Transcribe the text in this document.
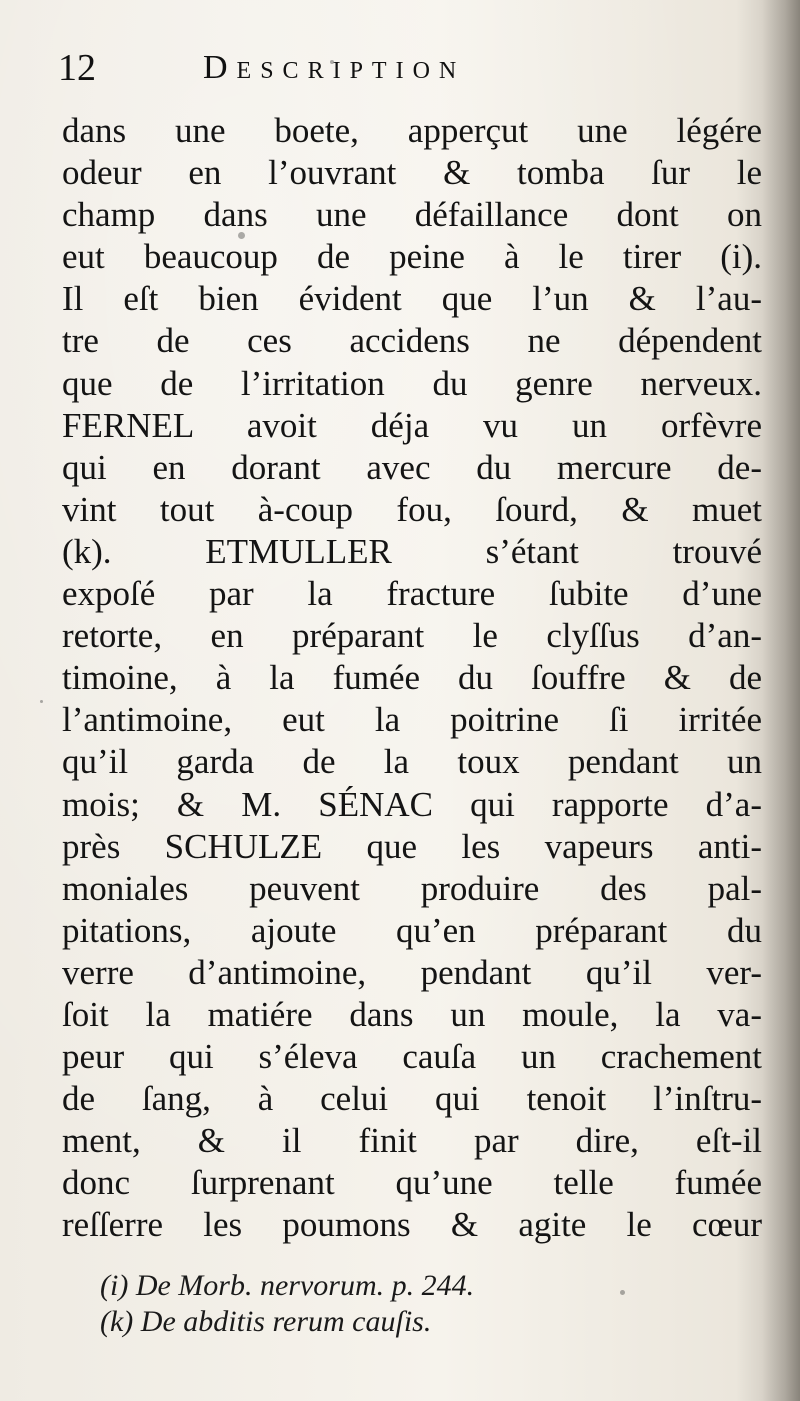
12	Description
dans une boete, apperçut une légére
odeur en l’ouvrant & tomba ſur le
champ dans une défaillance dont on
eut beaucoup de peine à le tirer (i).
Il eſt bien évident que l’un & l’au-
tre de ces accidens ne dépendent
que de l’irritation du genre nerveux.
FERNEL avoit déja vu un orfèvre
qui en dorant avec du mercure de-
vint tout à-coup fou, ſourd, & muet
(k). ETMULLER s’étant trouvé
expoſé par la fracture ſubite d’une
retorte, en préparant le clyſſus d’an-
timoine, à la fumée du ſouffre & de
l’antimoine, eut la poitrine ſi irritée
qu’il garda de la toux pendant un
mois; & M. SÉNAC qui rapporte d’a-
près SCHULZE que les vapeurs anti-
moniales peuvent produire des pal-
pitations, ajoute qu’en préparant du
verre d’antimoine, pendant qu’il ver-
ſoit la matiére dans un moule, la va-
peur qui s’éleva cauſa un crachement
de ſang, à celui qui tenoit l’inſtru-
ment, & il finit par dire, eſt-il
donc ſurprenant qu’une telle fumée
reſſerre les poumons & agite le cœur
(i) De Morb. nervorum. p. 244.
(k) De abditis rerum cauſis.
